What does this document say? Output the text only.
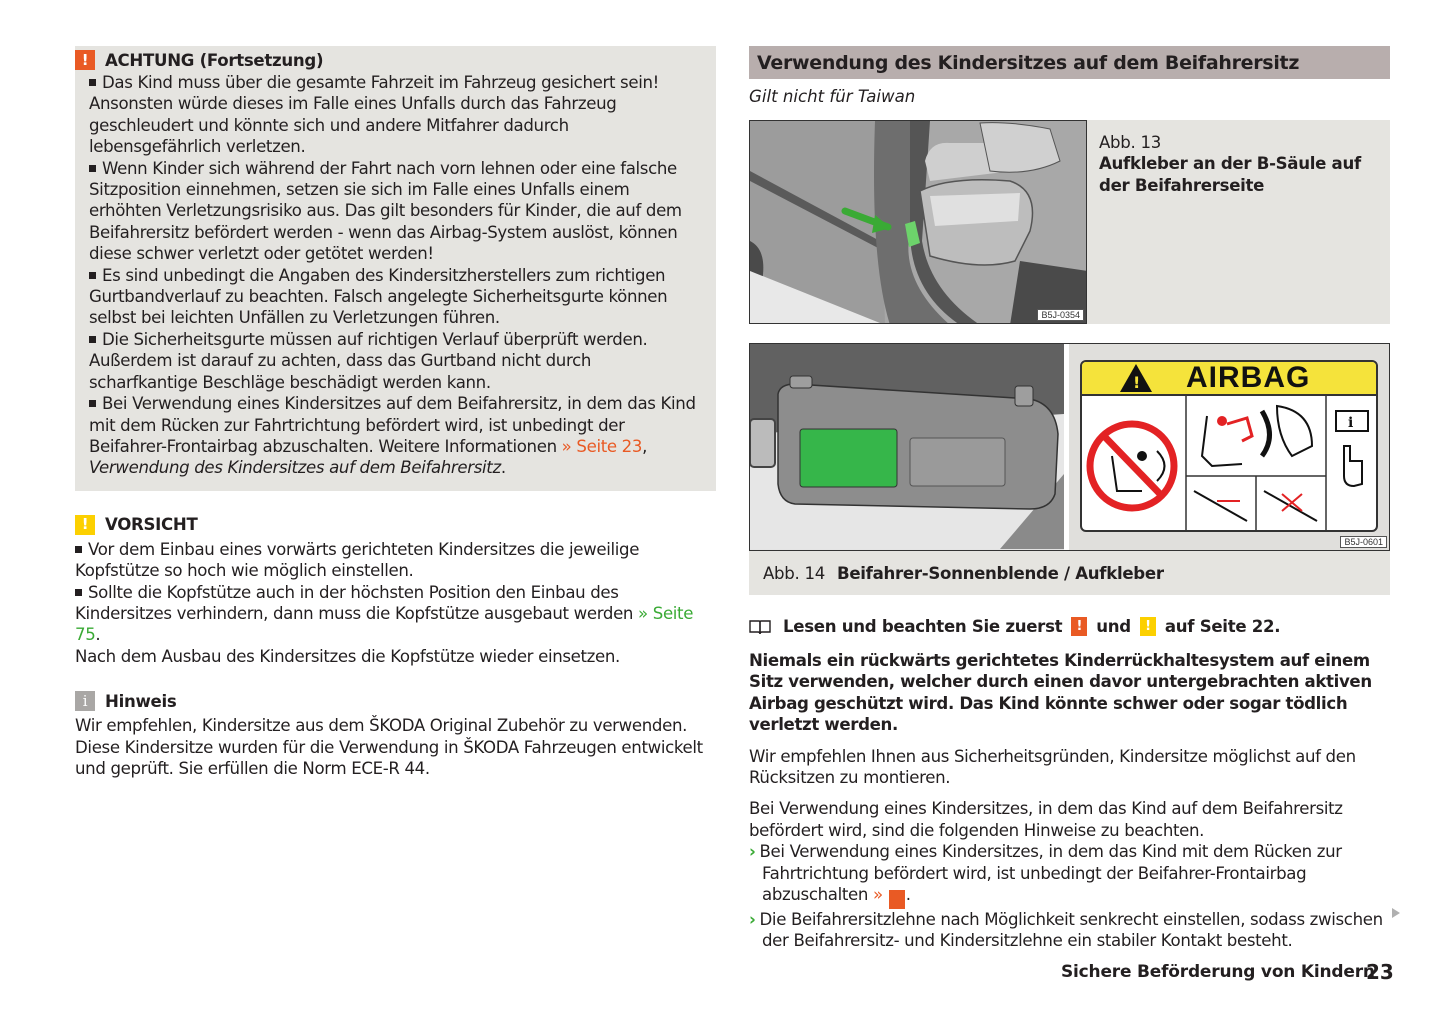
!	ACHTUNG (Fortsetzung)

Das Kind muss über die gesamte Fahrzeit im Fahrzeug gesichert sein! Ansonsten würde dieses im Falle eines Unfalls durch das Fahrzeug geschleudert und könnte sich und andere Mitfahrer dadurch lebensgefährlich verletzen.

Wenn Kinder sich während der Fahrt nach vorn lehnen oder eine falsche Sitzposition einnehmen, setzen sie sich im Falle eines Unfalls einem erhöhten Verletzungsrisiko aus. Das gilt besonders für Kinder, die auf dem Beifahrersitz befördert werden - wenn das Airbag-System auslöst, können diese schwer verletzt oder getötet werden!

Es sind unbedingt die Angaben des Kindersitzherstellers zum richtigen Gurtbandverlauf zu beachten. Falsch angelegte Sicherheitsgurte können selbst bei leichten Unfällen zu Verletzungen führen.

Die Sicherheitsgurte müssen auf richtigen Verlauf überprüft werden. Außerdem ist darauf zu achten, dass das Gurtband nicht durch scharfkantige Beschläge beschädigt werden kann.

Bei Verwendung eines Kindersitzes auf dem Beifahrersitz, in dem das Kind mit dem Rücken zur Fahrtrichtung befördert wird, ist unbedingt der Beifahrer-Frontairbag abzuschalten. Weitere Informationen » Seite 23,
Verwendung des Kindersitzes auf dem Beifahrersitz.

!	VORSICHT

Vor dem Einbau eines vorwärts gerichteten Kindersitzes die jeweilige Kopfstütze so hoch wie möglich einstellen.

Sollte die Kopfstütze auch in der höchsten Position den Einbau des Kindersitzes verhindern, dann muss die Kopfstütze ausgebaut werden » Seite 75.
Nach dem Ausbau des Kindersitzes die Kopfstütze wieder einsetzen.

i	Hinweis

Wir empfehlen, Kindersitze aus dem ŠKODA Original Zubehör zu verwenden. Diese Kindersitze wurden für die Verwendung in ŠKODA Fahrzeugen entwickelt und geprüft. Sie erfüllen die Norm ECE-R 44.

Verwendung des Kindersitzes auf dem Beifahrersitz
Gilt nicht für Taiwan
B5J-0354
Abb. 13
Aufkleber an der B-Säule auf der Beifahrerseite
! AIRBAG
i
B5J-0601
Abb. 14 Beifahrer-Sonnenblende / Aufkleber
Lesen und beachten Sie zuerst	! und	! auf Seite 22.

Niemals ein rückwärts gerichtetes Kinderrückhaltesystem auf einem Sitz verwenden, welcher durch einen davor untergebrachten aktiven Airbag geschützt wird. Das Kind könnte schwer oder sogar tödlich verletzt werden.

Wir empfehlen Ihnen aus Sicherheitsgründen, Kindersitze möglichst auf den Rücksitzen zu montieren.

Bei Verwendung eines Kindersitzes, in dem das Kind auf dem Beifahrersitz befördert wird, sind die folgenden Hinweise zu beachten.

› Bei Verwendung eines Kindersitzes, in dem das Kind mit dem Rücken zur Fahrtrichtung befördert wird, ist unbedingt der Beifahrer-Frontairbag abzuschalten » ! .

› Die Beifahrersitzlehne nach Möglichkeit senkrecht einstellen, sodass zwischen der Beifahrersitz- und Kindersitzlehne ein stabiler Kontakt besteht.

Sichere Beförderung von Kindern
23
